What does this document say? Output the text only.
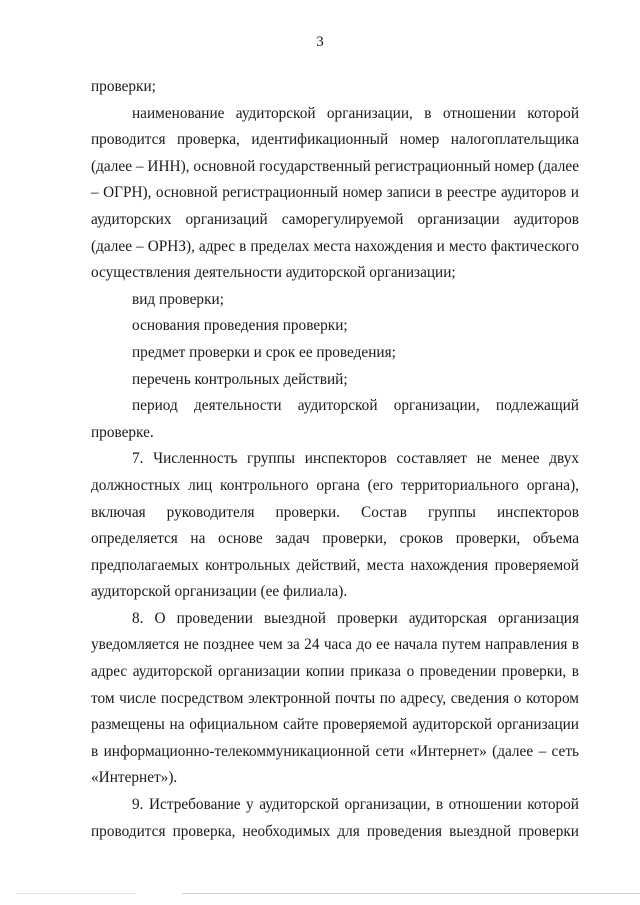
3

проверки;

наименование аудиторской организации, в отношении которой проводится проверка, идентификационный номер налогоплательщика (далее – ИНН), основной государственный регистрационный номер (далее – ОГРН), основной регистрационный номер записи в реестре аудиторов и аудиторских организаций саморегулируемой организации аудиторов (далее – ОРНЗ), адрес в пределах места нахождения и место фактического осуществления деятельности аудиторской организации;

вид проверки;

основания проведения проверки;

предмет проверки и срок ее проведения;

перечень контрольных действий;

период деятельности аудиторской организации, подлежащий проверке.

7. Численность группы инспекторов составляет не менее двух должностных лиц контрольного органа (его территориального органа), включая руководителя проверки. Состав группы инспекторов определяется на основе задач проверки, сроков проверки, объема предполагаемых контрольных действий, места нахождения проверяемой аудиторской организации (ее филиала).

8. О проведении выездной проверки аудиторская организация уведомляется не позднее чем за 24 часа до ее начала путем направления в адрес аудиторской организации копии приказа о проведении проверки, в том числе посредством электронной почты по адресу, сведения о котором размещены на официальном сайте проверяемой аудиторской организации в информационно-телекоммуникационной сети «Интернет» (далее – сеть «Интернет»).

9. Истребование у аудиторской организации, в отношении которой проводится проверка, необходимых для проведения выездной проверки
